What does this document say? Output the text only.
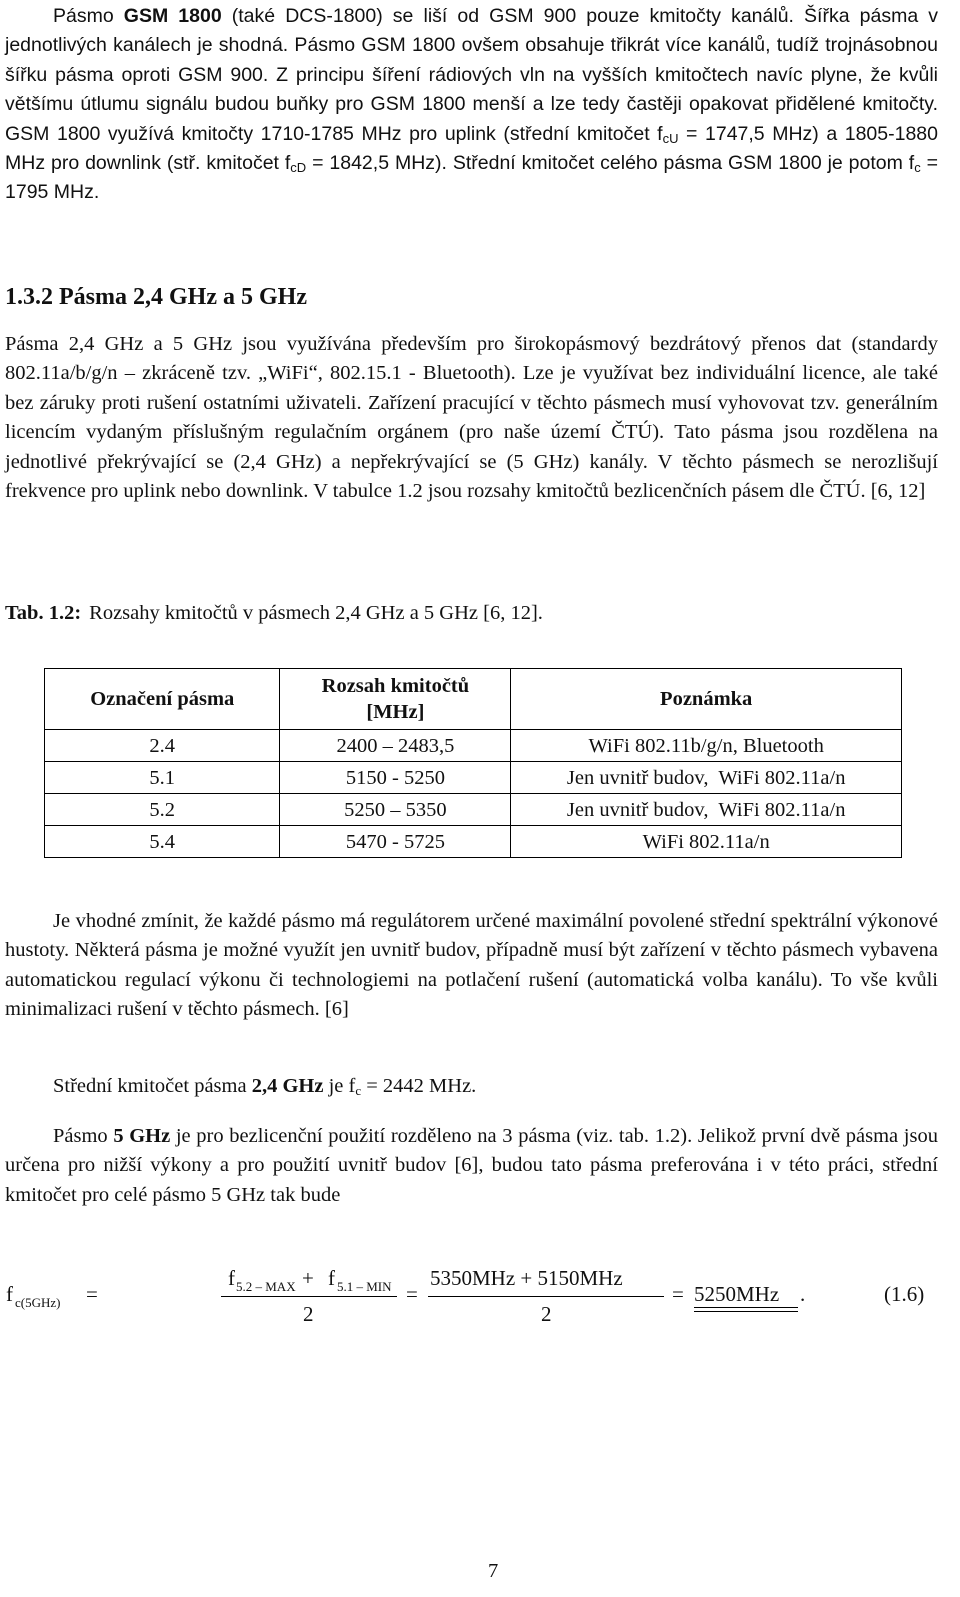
Pásmo GSM 1800 (také DCS-1800) se liší od GSM 900 pouze kmitočty kanálů. Šířka pásma v jednotlivých kanálech je shodná. Pásmo GSM 1800 ovšem obsahuje třikrát více kanálů, tudíž trojnásobnou šířku pásma oproti GSM 900. Z principu šíření rádiových vln na vyšších kmitočtech navíc plyne, že kvůli většímu útlumu signálu budou buňky pro GSM 1800 menší a lze tedy častěji opakovat přidělené kmitočty. GSM 1800 využívá kmitočty 1710-1785 MHz pro uplink (střední kmitočet $f_{cU} = 1747,5$ MHz) a 1805-1880 MHz pro downlink (stř. kmitočet $f_{cD} = 1842,5$ MHz). Střední kmitočet celého pásma GSM 1800 je potom $f_c = 1795$ MHz.

1.3.2 Pásma 2,4 GHz a 5 GHz

Pásma 2,4 GHz a 5 GHz jsou využívána především pro širokopásmový bezdrátový přenos dat (standardy 802.11a/b/g/n – zkráceně tzv. „WiFi“, 802.15.1 - Bluetooth). Lze je využívat bez individuální licence, ale také bez záruky proti rušení ostatními uživateli. Zařízení pracující v těchto pásmech musí vyhovovat tzv. generálním licencím vydaným příslušným regulačním orgánem (pro naše území ČTÚ). Tato pásma jsou rozdělena na jednotlivé překrývající se (2,4 GHz) a nepřekrývající se (5 GHz) kanály. V těchto pásmech se nerozlišují frekvence pro uplink nebo downlink. V tabulce 1.2 jsou rozsahy kmitočtů bezlicenčních pásem dle ČTÚ. [6, 12]

Tab. 1.2: Rozsahy kmitočtů v pásmech 2,4 GHz a 5 GHz [6, 12].

Označení pásma	Rozsah kmitočtů [MHz]	Poznámka
2.4	2400 – 2483,5	WiFi 802.11b/g/n, Bluetooth
5.1	5150 - 5250	Jen uvnitř budov,  WiFi 802.11a/n
5.2	5250 – 5350	Jen uvnitř budov,  WiFi 802.11a/n
5.4	5470 - 5725	WiFi 802.11a/n

Je vhodné zmínit, že každé pásmo má regulátorem určené maximální povolené střední spektrální výkonové hustoty. Některá pásma je možné využít jen uvnitř budov, případně musí být zařízení v těchto pásmech vybavena automatickou regulací výkonu či technologiemi na potlačení rušení (automatická volba kanálu). To vše kvůli minimalizaci rušení v těchto pásmech. [6]

Střední kmitočet pásma 2,4 GHz je $f_c = 2442$ MHz.

Pásmo 5 GHz je pro bezlicenční použití rozděleno na 3 pásma (viz. tab. 1.2). Jelikož první dvě pásma jsou určena pro nižší výkony a pro použití uvnitř budov [6], budou tato pásma preferována i v této práci, střední kmitočet pro celé pásmo 5 GHz tak bude

f c(5GHz) =
f 5.2 – MAX + f 5.1 – MIN
2
=
5350MHz + 5150MHz
2
= 5250MHz .	(1.6)
7
